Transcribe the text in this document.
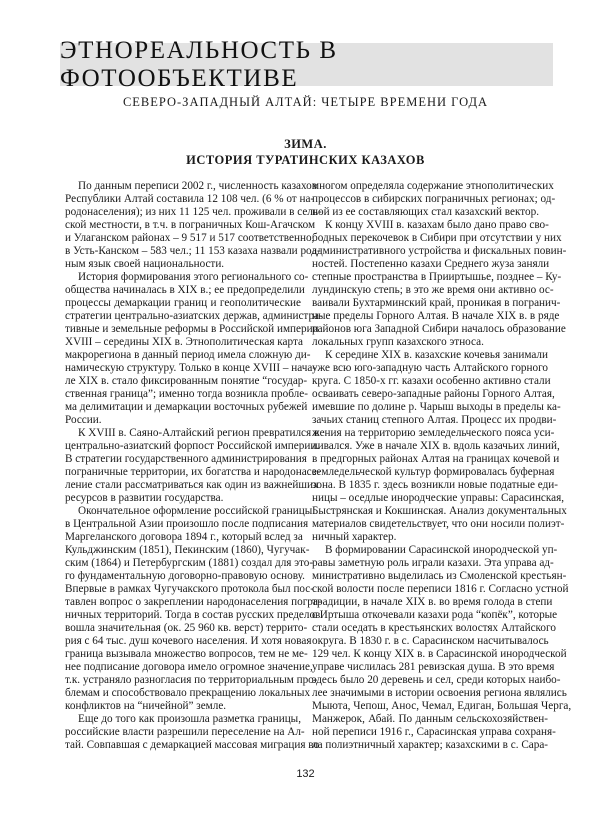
ЭТНОРЕАЛЬНОСТЬ В ФОТООБЪЕКТИВЕ
СЕВЕРО-ЗАПАДНЫЙ АЛТАЙ: ЧЕТЫРЕ ВРЕМЕНИ ГОДА
ЗИМА.
ИСТОРИЯ ТУРАТИНСКИХ КАЗАХОВ
По данным переписи 2002 г., численность казахов
Республики Алтай составила 12 108 чел. (6 % от на-
родонаселения); из них 11 125 чел. проживали в сель-
ской местности, в т.ч. в пограничных Кош-Агачском
и Улаганском районах – 9 517 и 517 соответственно,
в Усть-Канском – 583 чел.; 11 153 казаха назвали род-
ным язык своей национальности.
История формирования этого регионального со-
общества начиналась в XIX в.; ее предопределили
процессы демаркации границ и геополитические
стратегии центрально-азиатских держав, администра-
тивные и земельные реформы в Российской империи
XVIII – середины XIX в. Этнополитическая карта
макрорегиона в данный период имела сложную ди-
намическую структуру. Только в конце XVIII – нача-
ле XIX в. стало фиксированным понятие “государ-
ственная граница”; именно тогда возникла пробле-
ма делимитации и демаркации восточных рубежей
России.
К XVIII в. Саяно-Алтайский регион превратился в
центрально-азиатский форпост Российской империи.
В стратегии государственного администрирования
пограничные территории, их богатства и народонасе-
ление стали рассматриваться как один из важнейших
ресурсов в развитии государства.
Окончательное оформление российской границы
в Центральной Азии произошло после подписания
Маргеланского договора 1894 г., который вслед за
Кульджинским (1851), Пекинским (1860), Чугучак-
ским (1864) и Петербургским (1881) создал для это-
го фундаментальную договорно-правовую основу.
Впервые в рамках Чугучакского протокола был пос-
тавлен вопрос о закреплении народонаселения погра-
ничных территорий. Тогда в состав русских пределов
вошла значительная (ок. 25 960 кв. верст) террито-
рия с 64 тыс. душ кочевого населения. И хотя новая
граница вызывала множество вопросов, тем не ме-
нее подписание договора имело огромное значение,
т.к. устраняло разногласия по территориальным про-
блемам и способствовало прекращению локальных
конфликтов на “ничейной” земле.
Еще до того как произошла разметка границы,
российские власти разрешили переселение на Ал-
тай. Совпавшая с демаркацией массовая миграция во
многом определяла содержание этнополитических
процессов в сибирских пограничных регионах; од-
ной из ее составляющих стал казахский вектор.
К концу XVIII в. казахам было дано право сво-
бодных перекочевок в Сибири при отсутствии у них
административного устройства и фискальных повин-
ностей. Постепенно казахи Среднего жуза заняли
степные пространства в Прииртышье, позднее – Ку-
лундинскую степь; в это же время они активно ос-
ваивали Бухтарминский край, проникая в погранич-
ные пределы Горного Алтая. В начале XIX в. в ряде
районов юга Западной Сибири началось образование
локальных групп казахского этноса.
К середине XIX в. казахские кочевья занимали
уже всю юго-западную часть Алтайского горного
круга. С 1850-х гг. казахи особенно активно стали
осваивать северо-западные районы Горного Алтая,
имевшие по долине р. Чарыш выходы в пределы ка-
зачьих станиц степного Алтая. Процесс их продви-
жения на территорию земледельческого пояса уси-
ливался. Уже в начале XIX в. вдоль казачьих линий,
в предгорных районах Алтая на границах кочевой и
земледельческой культур формировалась буферная
зона. В 1835 г. здесь возникли новые податные еди-
ницы – оседлые инородческие управы: Сарасинская,
Быстрянская и Кокшинская. Анализ документальных
материалов свидетельствует, что они носили полиэт-
ничный характер.
В формировании Сарасинской инородческой уп-
равы заметную роль играли казахи. Эта управа ад-
министративно выделилась из Смоленской крестьян-
ской волости после переписи 1816 г. Согласно устной
традиции, в начале XIX в. во время голода в степи
с Иртыша откочевали казахи рода “копёк”, которые
стали оседать в крестьянских волостях Алтайского
округа. В 1830 г. в с. Сарасинском насчитывалось
129 чел. К концу XIX в. в Сарасинской инородческой
управе числилась 281 ревизская душа. В это время
здесь было 20 деревень и сел, среди которых наибо-
лее значимыми в истории освоения региона являлись
Мыюта, Чепош, Анос, Чемал, Едиган, Большая Черга,
Манжерок, Абай. По данным сельскохозяйствен-
ной переписи 1916 г., Сарасинская управа сохраня-
ла полиэтничный характер; казахскими в с. Сара-
132
